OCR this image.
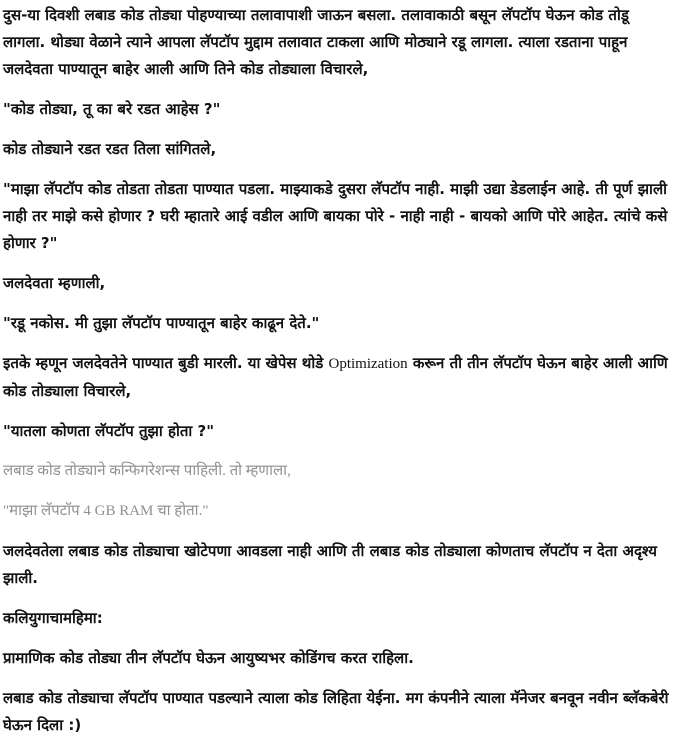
दुस-या दिवशी लबाड कोड तोड्या पोहण्याच्या तलावापाशी जाऊन बसला. तलावाकाठी बसून लॅपटॉप घेऊन कोड तोडू लागला. थोड्या वेळाने त्याने आपला लॅपटॉप मुद्दाम तलावात टाकला आणि मोठ्याने रडू लागला. त्याला रडताना पाहून जलदेवता पाण्यातून बाहेर आली आणि तिने कोड तोड्याला विचारले,

"कोड तोड्या, तू का बरे रडत आहेस ?"

कोड तोड्याने रडत रडत तिला सांगितले,

"माझा लॅपटॉप कोड तोडता तोडता पाण्यात पडला. माझ्याकडे दुसरा लॅपटॉप नाही. माझी उद्या डेडलाईन आहे. ती पूर्ण झाली नाही तर माझे कसे होणार ? घरी म्हातारे आई वडील आणि बायका पोरे - नाही नाही - बायको आणि पोरे आहेत. त्यांचे कसे होणार ?"

जलदेवता म्हणाली,

"रडू नकोस. मी तुझा लॅपटॉप पाण्यातून बाहेर काढून देते."

इतके म्हणून जलदेवतेने पाण्यात बुडी मारली. या खेपेस थोडे Optimization करून ती तीन लॅपटॉप घेऊन बाहेर आली आणि कोड तोड्याला विचारले,

"यातला कोणता लॅपटॉप तुझा होता ?"

लबाड कोड तोड्याने कन्फिगरेशन्स पाहिली. तो म्हणाला,

"माझा लॅपटॉप 4 GB RAM चा होता."

जलदेवतेला लबाड कोड तोड्याचा खोटेपणा आवडला नाही आणि ती लबाड कोड तोड्याला कोणताच लॅपटॉप न देता अदृश्य झाली.

कलियुगाचामहिमा:

प्रामाणिक कोड तोड्या तीन लॅपटॉप घेऊन आयुष्यभर कोडिंगच करत राहिला.

लबाड कोड तोड्याचा लॅपटॉप पाण्यात पडल्याने त्याला कोड लिहिता येईना. मग कंपनीने त्याला मॅनेजर बनवून नवीन ब्लॅकबेरी घेऊन दिला :)
